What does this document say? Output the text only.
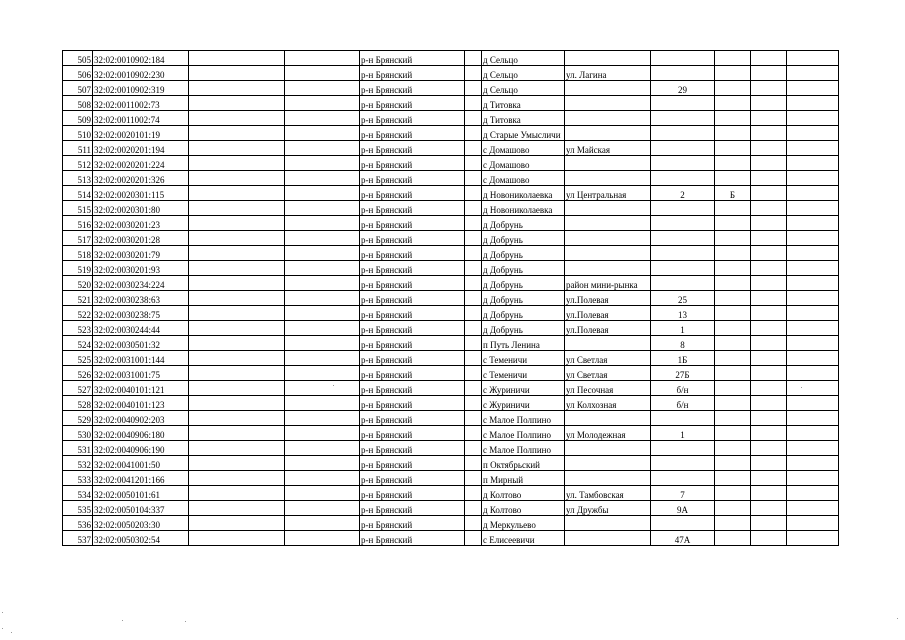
505	32:02:0010902:184			р-н Брянский		д Сельцо					
506	32:02:0010902:230			р-н Брянский		д Сельцо	ул. Лагина				
507	32:02:0010902:319			р-н Брянский		д Сельцо		29			
508	32:02:0011002:73			р-н Брянский		д Титовка					
509	32:02:0011002:74			р-н Брянский		д Титовка					
510	32:02:0020101:19			р-н Брянский		д Старые Умысличи					
511	32:02:0020201:194			р-н Брянский		с Домашово	ул Майская				
512	32:02:0020201:224			р-н Брянский		с Домашово					
513	32:02:0020201:326			р-н Брянский		с Домашово					
514	32:02:0020301:115			р-н Брянский		д Новониколаевка	ул Центральная	2	Б		
515	32:02:0020301:80			р-н Брянский		д Новониколаевка					
516	32:02:0030201:23			р-н Брянский		д Добрунь					
517	32:02:0030201:28			р-н Брянский		д Добрунь					
518	32:02:0030201:79			р-н Брянский		д Добрунь					
519	32:02:0030201:93			р-н Брянский		д Добрунь					
520	32:02:0030234:224			р-н Брянский		д Добрунь	район мини-рынка				
521	32:02:0030238:63			р-н Брянский		д Добрунь	ул.Полевая	25			
522	32:02:0030238:75			р-н Брянский		д Добрунь	ул.Полевая	13			
523	32:02:0030244:44			р-н Брянский		д Добрунь	ул.Полевая	1			
524	32:02:0030501:32			р-н Брянский		п Путь Ленина		8			
525	32:02:0031001:144			р-н Брянский		с Теменичи	ул Светлая	1Б			
526	32:02:0031001:75			р-н Брянский		с Теменичи	ул Светлая	27Б			
527	32:02:0040101:121			р-н Брянский		с Журиничи	ул Песочная	б/н			
528	32:02:0040101:123			р-н Брянский		с Журиничи	ул Колхозная	б/н			
529	32:02:0040902:203			р-н Брянский		с Малое Полпино					
530	32:02:0040906:180			р-н Брянский		с Малое Полпино	ул Молодежная	1			
531	32:02:0040906:190			р-н Брянский		с Малое Полпино					
532	32:02:0041001:50			р-н Брянский		п Октябрьский					
533	32:02:0041201:166			р-н Брянский		п Мирный					
534	32:02:0050101:61			р-н Брянский		д Колтово	ул. Тамбовская	7			
535	32:02:0050104:337			р-н Брянский		д Колтово	ул Дружбы	9А			
536	32:02:0050203:30			р-н Брянский		д Меркульево					
537	32:02:0050302:54			р-н Брянский		с Елисеевичи		47А			
